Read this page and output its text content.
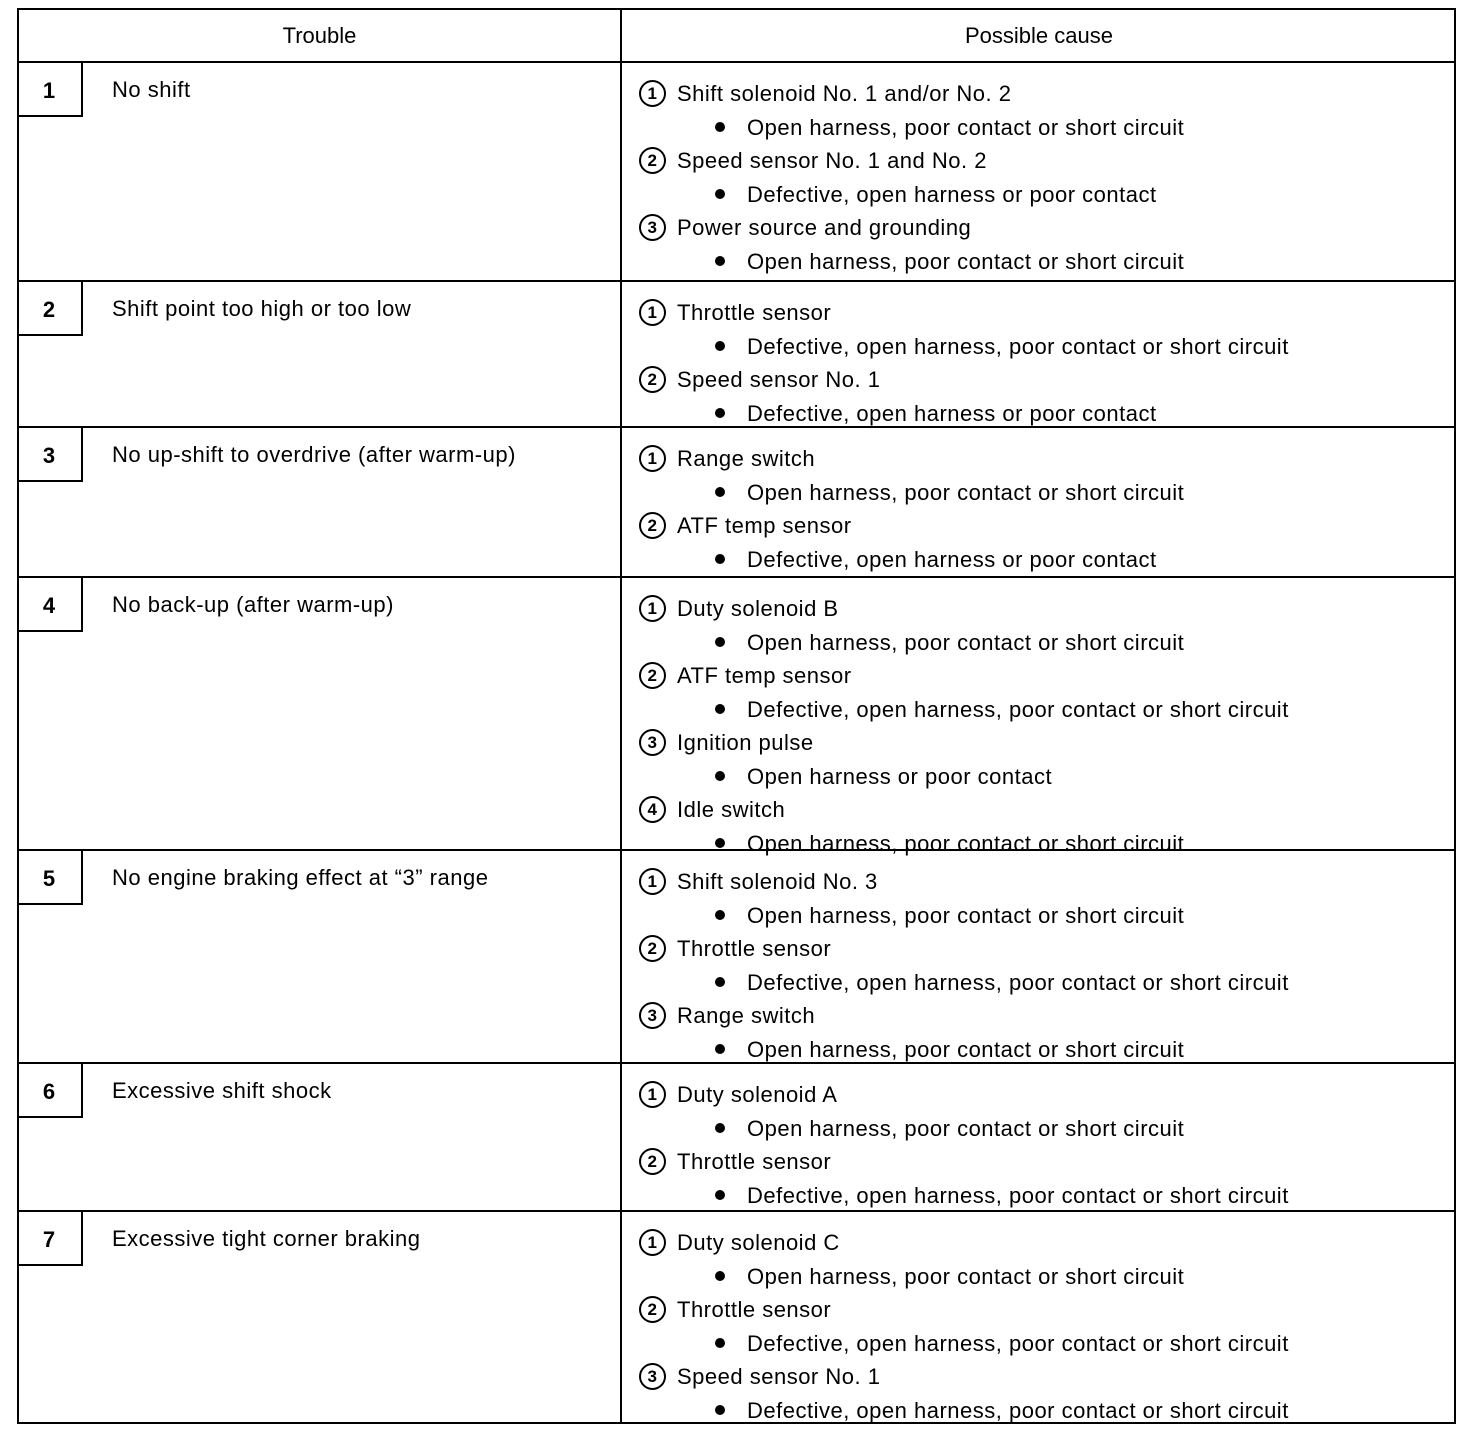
Trouble	Possible cause
1	No shift	1 Shift solenoid No. 1 and/or No. 2
Open harness, poor contact or short circuit
2 Speed sensor No. 1 and No. 2
Defective, open harness or poor contact
3 Power source and grounding
Open harness, poor contact or short circuit
2	Shift point too high or too low	1 Throttle sensor
Defective, open harness, poor contact or short circuit
2 Speed sensor No. 1
Defective, open harness or poor contact
3	No up-shift to overdrive (after warm-up)	1 Range switch
Open harness, poor contact or short circuit
2 ATF temp sensor
Defective, open harness or poor contact
4	No back-up (after warm-up)	1 Duty solenoid B
Open harness, poor contact or short circuit
2 ATF temp sensor
Defective, open harness, poor contact or short circuit
3 Ignition pulse
Open harness or poor contact
4 Idle switch
Open harness, poor contact or short circuit
5	No engine braking effect at “3” range	1 Shift solenoid No. 3
Open harness, poor contact or short circuit
2 Throttle sensor
Defective, open harness, poor contact or short circuit
3 Range switch
Open harness, poor contact or short circuit
6	Excessive shift shock	1 Duty solenoid A
Open harness, poor contact or short circuit
2 Throttle sensor
Defective, open harness, poor contact or short circuit
7	Excessive tight corner braking	1 Duty solenoid C
Open harness, poor contact or short circuit
2 Throttle sensor
Defective, open harness, poor contact or short circuit
3 Speed sensor No. 1
Defective, open harness, poor contact or short circuit
